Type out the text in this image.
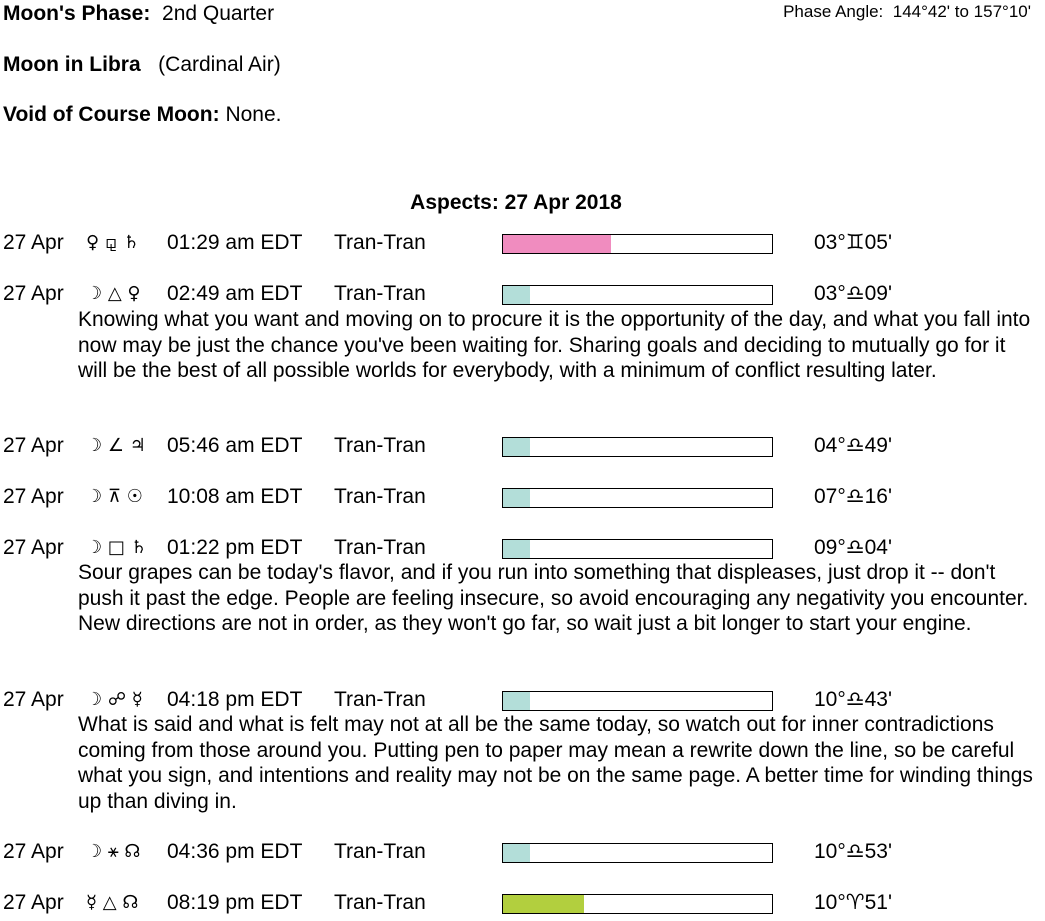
Moon's Phase: 2nd Quarter	Phase Angle: 144°42' to 157°10'
Moon in Libra (Cardinal Air)
Void of Course Moon: None.
Aspects: 27 Apr 2018
27 Apr ♀ ⚼ ♄ 01:29 am EDT Tran-Tran	03°♊05'
27 Apr ☽ △ ♀ 02:49 am EDT Tran-Tran	03°♎09'
Knowing what you want and moving on to procure it is the opportunity of the day, and what you fall into now may be just the chance you've been waiting for. Sharing goals and deciding to mutually go for it will be the best of all possible worlds for everybody, with a minimum of conflict resulting later.
27 Apr ☽ ∠ ♃ 05:46 am EDT Tran-Tran	04°♎49'
27 Apr ☽ ⊼ ☉ 10:08 am EDT Tran-Tran	07°♎16'
27 Apr ☽ □ ♄ 01:22 pm EDT Tran-Tran	09°♎04'
Sour grapes can be today's flavor, and if you run into something that displeases, just drop it -- don't push it past the edge. People are feeling insecure, so avoid encouraging any negativity you encounter. New directions are not in order, as they won't go far, so wait just a bit longer to start your engine.
27 Apr ☽ ☍ ☿ 04:18 pm EDT Tran-Tran	10°♎43'
What is said and what is felt may not at all be the same today, so watch out for inner contradictions coming from those around you. Putting pen to paper may mean a rewrite down the line, so be careful what you sign, and intentions and reality may not be on the same page. A better time for winding things up than diving in.
27 Apr ☽ ⚹ ☊ 04:36 pm EDT Tran-Tran	10°♎53'
27 Apr ☿ △ ☊ 08:19 pm EDT Tran-Tran	10°♈51'
